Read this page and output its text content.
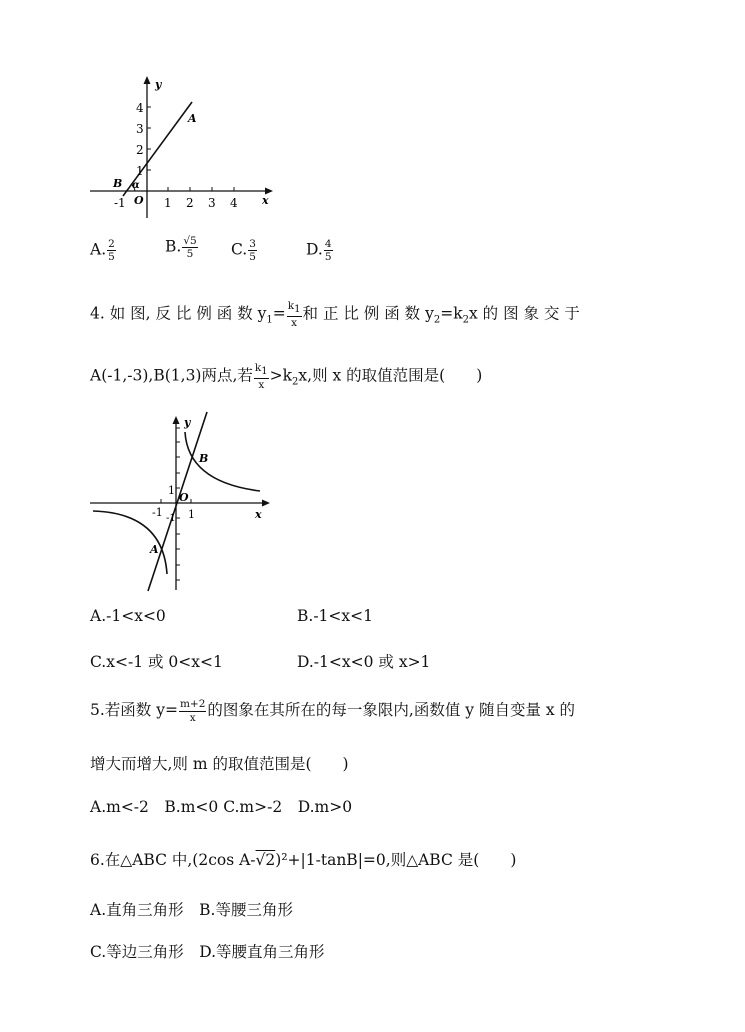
y
x
4
3
2
1
1 2 3 4
-1 O
A
B α
A. $\frac{2}{5}$	B. $\frac{√5}{5} C$. $\frac{3}{5}$	D. $\frac{4}{5}$
4. 如 图, 反 比 例 函 数 $y_1= \frac{k_1}{x}$ 和 正 比 例 函 数 $y_2=k_2x$ 的 图 象 交 于
A(-1,-3),B(1,3)两点,若 $\frac{k_1}{x} >k_2x$,则 x 的取值范围是(　　)
y
x
O
1
1
-1 -1
A
B
A.-1<x<0	B.-1<x<1
C.x<-1 或 0<x<1	D.-1<x<0 或 x>1
5.若函数 $y= \frac{m+2}{x}$ 的图象在其所在的每一象限内,函数值 y 随自变量 x 的
增大而增大,则 m 的取值范围是(　　)
A.m<-2　B.m<0 C.m>-2　D.m>0
6.在△ABC 中,(2cos A-√2)²+|1-tanB|=0,则△ABC 是(　　)
A.直角三角形　B.等腰三角形
C.等边三角形　D.等腰直角三角形
